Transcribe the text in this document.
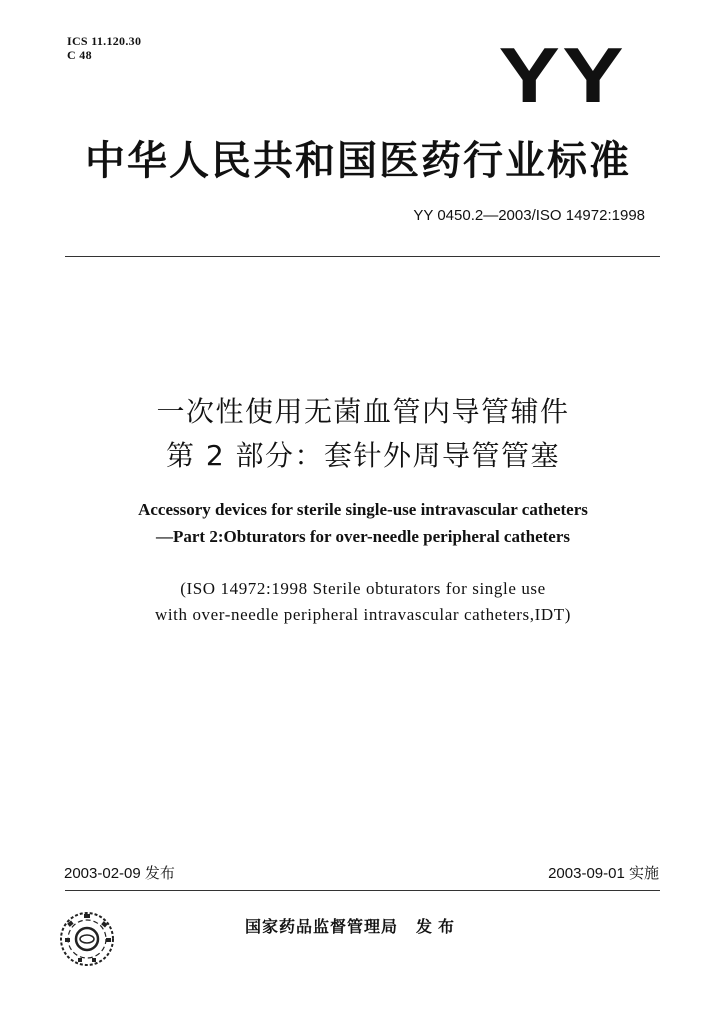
ICS 11.120.30
C 48	YY
中华人民共和国医药行业标准
YY 0450.2—2003/ISO 14972:1998
一次性使用无菌血管内导管辅件
第 2 部分：套针外周导管管塞
Accessory devices for sterile single-use intravascular catheters
—Part 2:Obturators for over-needle peripheral catheters
(ISO 14972:1998 Sterile obturators for single use
with over-needle peripheral intravascular catheters,IDT)
2003-02-09 发布	2003-09-01 实施
国家药品监督管理局 发布
